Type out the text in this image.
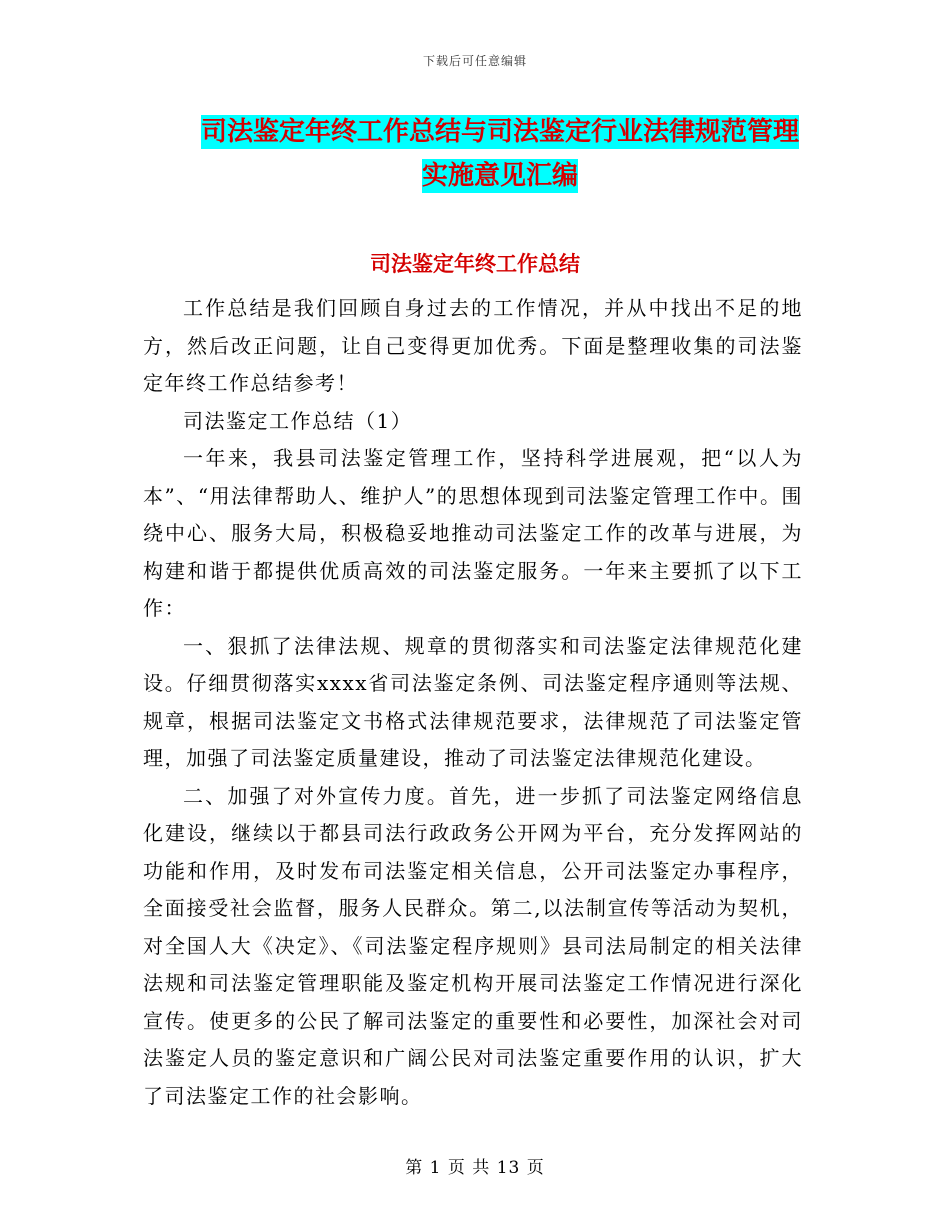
下载后可任意编辑
司法鉴定年终工作总结与司法鉴定行业法律规范管理
实施意见汇编
司法鉴定年终工作总结

工作总结是我们回顾自身过去的工作情况，并从中找出不足的地方，然后改正问题，让自己变得更加优秀。下面是整理收集的司法鉴定年终工作总结参考！

司法鉴定工作总结（1）

一年来，我县司法鉴定管理工作，坚持科学进展观，把“以人为本”、“用法律帮助人、维护人”的思想体现到司法鉴定管理工作中。围绕中心、服务大局，积极稳妥地推动司法鉴定工作的改革与进展，为构建和谐于都提供优质高效的司法鉴定服务。一年来主要抓了以下工作：

一、狠抓了法律法规、规章的贯彻落实和司法鉴定法律规范化建设。仔细贯彻落实xxxx省司法鉴定条例、司法鉴定程序通则等法规、规章，根据司法鉴定文书格式法律规范要求，法律规范了司法鉴定管理，加强了司法鉴定质量建设，推动了司法鉴定法律规范化建设。

二、加强了对外宣传力度。首先，进一步抓了司法鉴定网络信息化建设，继续以于都县司法行政政务公开网为平台，充分发挥网站的功能和作用，及时发布司法鉴定相关信息，公开司法鉴定办事程序，全面接受社会监督，服务人民群众。第二,以法制宣传等活动为契机，对全国人大《决定》、《司法鉴定程序规则》县司法局制定的相关法律法规和司法鉴定管理职能及鉴定机构开展司法鉴定工作情况进行深化宣传。使更多的公民了解司法鉴定的重要性和必要性，加深社会对司法鉴定人员的鉴定意识和广阔公民对司法鉴定重要作用的认识，扩大了司法鉴定工作的社会影响。

第 1 页 共 13 页
